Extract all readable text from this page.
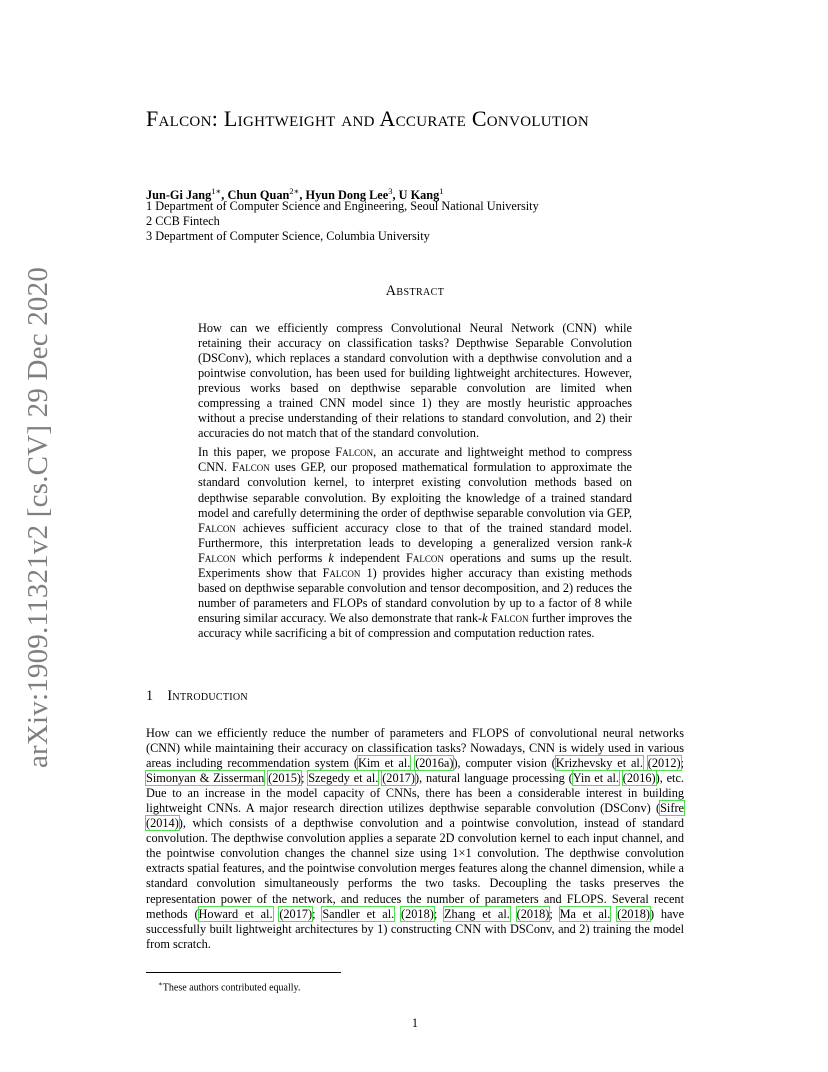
arXiv:1909.11321v2 [cs.CV] 29 Dec 2020
Falcon: Lightweight and Accurate Convolution
Jun-Gi Jang$^{1∗}$, Chun Quan$^{2∗}$, Hyun Dong Lee$^3$, U Kang$^1$
1 Department of Computer Science and Engineering, Seoul National University
2 CCB Fintech
3 Department of Computer Science, Columbia University
Abstract

How can we efficiently compress Convolutional Neural Network (CNN) while retaining their accuracy on classification tasks? Depthwise Separable Convolution (DSConv), which replaces a standard convolution with a depthwise convolution and a pointwise convolution, has been used for building lightweight architectures. However, previous works based on depthwise separable convolution are limited when compressing a trained CNN model since 1) they are mostly heuristic approaches without a precise understanding of their relations to standard convolution, and 2) their accuracies do not match that of the standard convolution.

In this paper, we propose Falcon, an accurate and lightweight method to compress CNN. Falcon uses GEP, our proposed mathematical formulation to approximate the standard convolution kernel, to interpret existing convolution methods based on depthwise separable convolution. By exploiting the knowledge of a trained standard model and carefully determining the order of depthwise separable convolution via GEP, Falcon achieves sufficient accuracy close to that of the trained standard model. Furthermore, this interpretation leads to developing a generalized version rank-k Falcon which performs k independent Falcon operations and sums up the result. Experiments show that Falcon 1) provides higher accuracy than existing methods based on depthwise separable convolution and tensor decomposition, and 2) reduces the number of parameters and FLOPs of standard convolution by up to a factor of 8 while ensuring similar accuracy. We also demonstrate that rank-k Falcon further improves the accuracy while sacrificing a bit of compression and computation reduction rates.

1 Introduction

How can we efficiently reduce the number of parameters and FLOPS of convolutional neural networks (CNN) while maintaining their accuracy on classification tasks? Nowadays, CNN is widely used in various areas including recommendation system (Kim et al. (2016a)), computer vision (Krizhevsky et al. (2012); Simonyan & Zisserman (2015); Szegedy et al. (2017)), natural language processing (Yin et al. (2016)), etc. Due to an increase in the model capacity of CNNs, there has been a considerable interest in building lightweight CNNs. A major research direction utilizes depthwise separable convolution (DSConv) (Sifre (2014)), which consists of a depthwise convolution and a pointwise convolution, instead of standard convolution. The depthwise convolution applies a separate 2D convolution kernel to each input channel, and the pointwise convolution changes the channel size using 1×1 convolution. The depthwise convolution extracts spatial features, and the pointwise convolution merges features along the channel dimension, while a standard convolution simultaneously performs the two tasks. Decoupling the tasks preserves the representation power of the network, and reduces the number of parameters and FLOPS. Several recent methods (Howard et al. (2017); Sandler et al. (2018); Zhang et al. (2018); Ma et al. (2018)) have successfully built lightweight architectures by 1) constructing CNN with DSConv, and 2) training the model from scratch.

∗These authors contributed equally.
1
